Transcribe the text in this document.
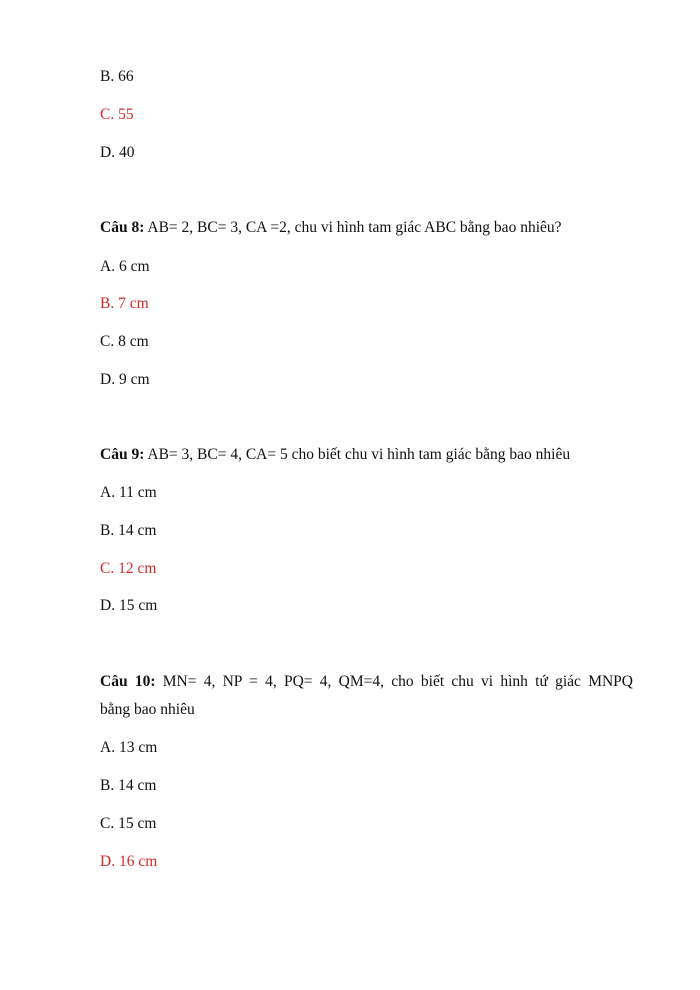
B. 66
C. 55
D. 40
Câu 8: AB= 2, BC= 3, CA =2, chu vi hình tam giác ABC bằng bao nhiêu?
A. 6 cm
B. 7 cm
C. 8 cm
D. 9 cm
Câu 9: AB= 3, BC= 4, CA= 5 cho biết chu vi hình tam giác bằng bao nhiêu
A. 11 cm
B. 14 cm
C. 12 cm
D. 15 cm
Câu 10: MN= 4, NP = 4, PQ= 4, QM=4, cho biết chu vi hình tứ giác MNPQ
bằng bao nhiêu
A. 13 cm
B. 14 cm
C. 15 cm
D. 16 cm
